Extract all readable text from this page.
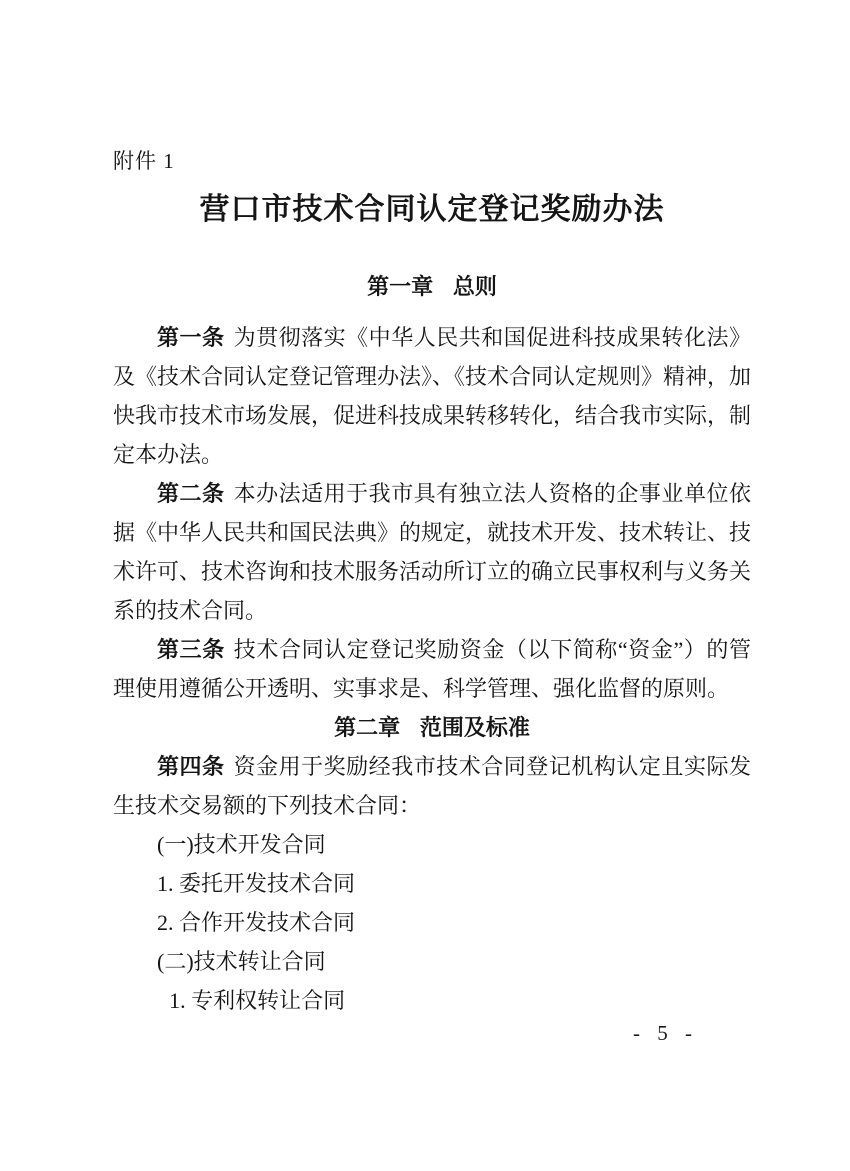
附件 1
营口市技术合同认定登记奖励办法
第一章 总则

第一条 为贯彻落实《中华人民共和国促进科技成果转化法》及《技术合同认定登记管理办法》、《技术合同认定规则》精神，加快我市技术市场发展，促进科技成果转移转化，结合我市实际，制定本办法。

第二条 本办法适用于我市具有独立法人资格的企事业单位依据《中华人民共和国民法典》的规定，就技术开发、技术转让、技术许可、技术咨询和技术服务活动所订立的确立民事权利与义务关系的技术合同。

第三条 技术合同认定登记奖励资金（以下简称“资金”）的管理使用遵循公开透明、实事求是、科学管理、强化监督的原则。

第二章 范围及标准

第四条 资金用于奖励经我市技术合同登记机构认定且实际发生技术交易额的下列技术合同：

(一)技术开发合同

1. 委托开发技术合同

2. 合作开发技术合同

(二)技术转让合同

1. 专利权转让合同

- 5 -
